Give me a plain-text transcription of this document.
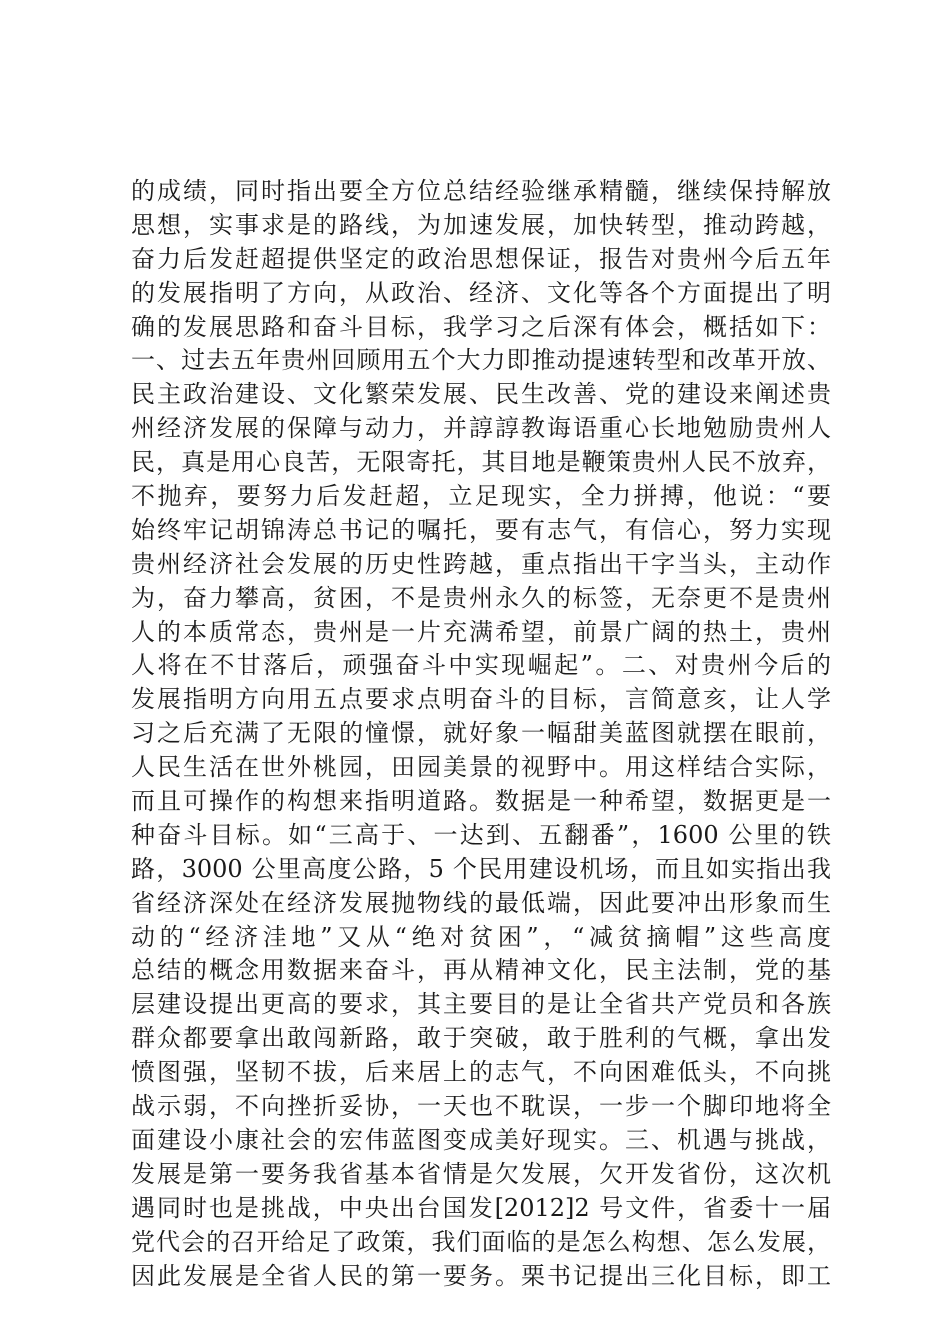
的成绩，同时指出要全方位总结经验继承精髓，继续保持解放
思想，实事求是的路线，为加速发展，加快转型，推动跨越，
奋力后发赶超提供坚定的政治思想保证，报告对贵州今后五年
的发展指明了方向，从政治、经济、文化等各个方面提出了明
确的发展思路和奋斗目标，我学习之后深有体会，概括如下：
一、过去五年贵州回顾用五个大力即推动提速转型和改革开放、
民主政治建设、文化繁荣发展、民生改善、党的建设来阐述贵
州经济发展的保障与动力，并諄諄教诲语重心长地勉励贵州人
民，真是用心良苦，无限寄托，其目地是鞭策贵州人民不放弃，
不抛弃，要努力后发赶超，立足现实，全力拼搏，他说：“要
始终牢记胡锦涛总书记的嘱托，要有志气，有信心，努力实现
贵州经济社会发展的历史性跨越，重点指出干字当头，主动作
为，奋力攀高，贫困，不是贵州永久的标签，无奈更不是贵州
人的本质常态，贵州是一片充满希望，前景广阔的热土，贵州
人将在不甘落后，顽强奋斗中实现崛起”。二、对贵州今后的
发展指明方向用五点要求点明奋斗的目标，言简意亥，让人学
习之后充满了无限的憧憬，就好象一幅甜美蓝图就摆在眼前，
人民生活在世外桃园，田园美景的视野中。用这样结合实际，
而且可操作的构想来指明道路。数据是一种希望，数据更是一
种奋斗目标。如“三高于、一达到、五翻番”，1600 公里的铁
路，3000 公里高度公路，5 个民用建设机场，而且如实指出我
省经济深处在经济发展抛物线的最低端，因此要冲出形象而生
动的“经济洼地”又从“绝对贫困”，“减贫摘帽”这些高度
总结的概念用数据来奋斗，再从精神文化，民主法制，党的基
层建设提出更高的要求，其主要目的是让全省共产党员和各族
群众都要拿出敢闯新路，敢于突破，敢于胜利的气概，拿出发
愤图强，坚韧不拔，后来居上的志气，不向困难低头，不向挑
战示弱，不向挫折妥协，一天也不耽误，一步一个脚印地将全
面建设小康社会的宏伟蓝图变成美好现实。三、机遇与挑战，
发展是第一要务我省基本省情是欠发展，欠开发省份，这次机
遇同时也是挑战，中央出台国发[2012]2 号文件，省委十一届
党代会的召开给足了政策，我们面临的是怎么构想、怎么发展，
因此发展是全省人民的第一要务。栗书记提出三化目标，即工
